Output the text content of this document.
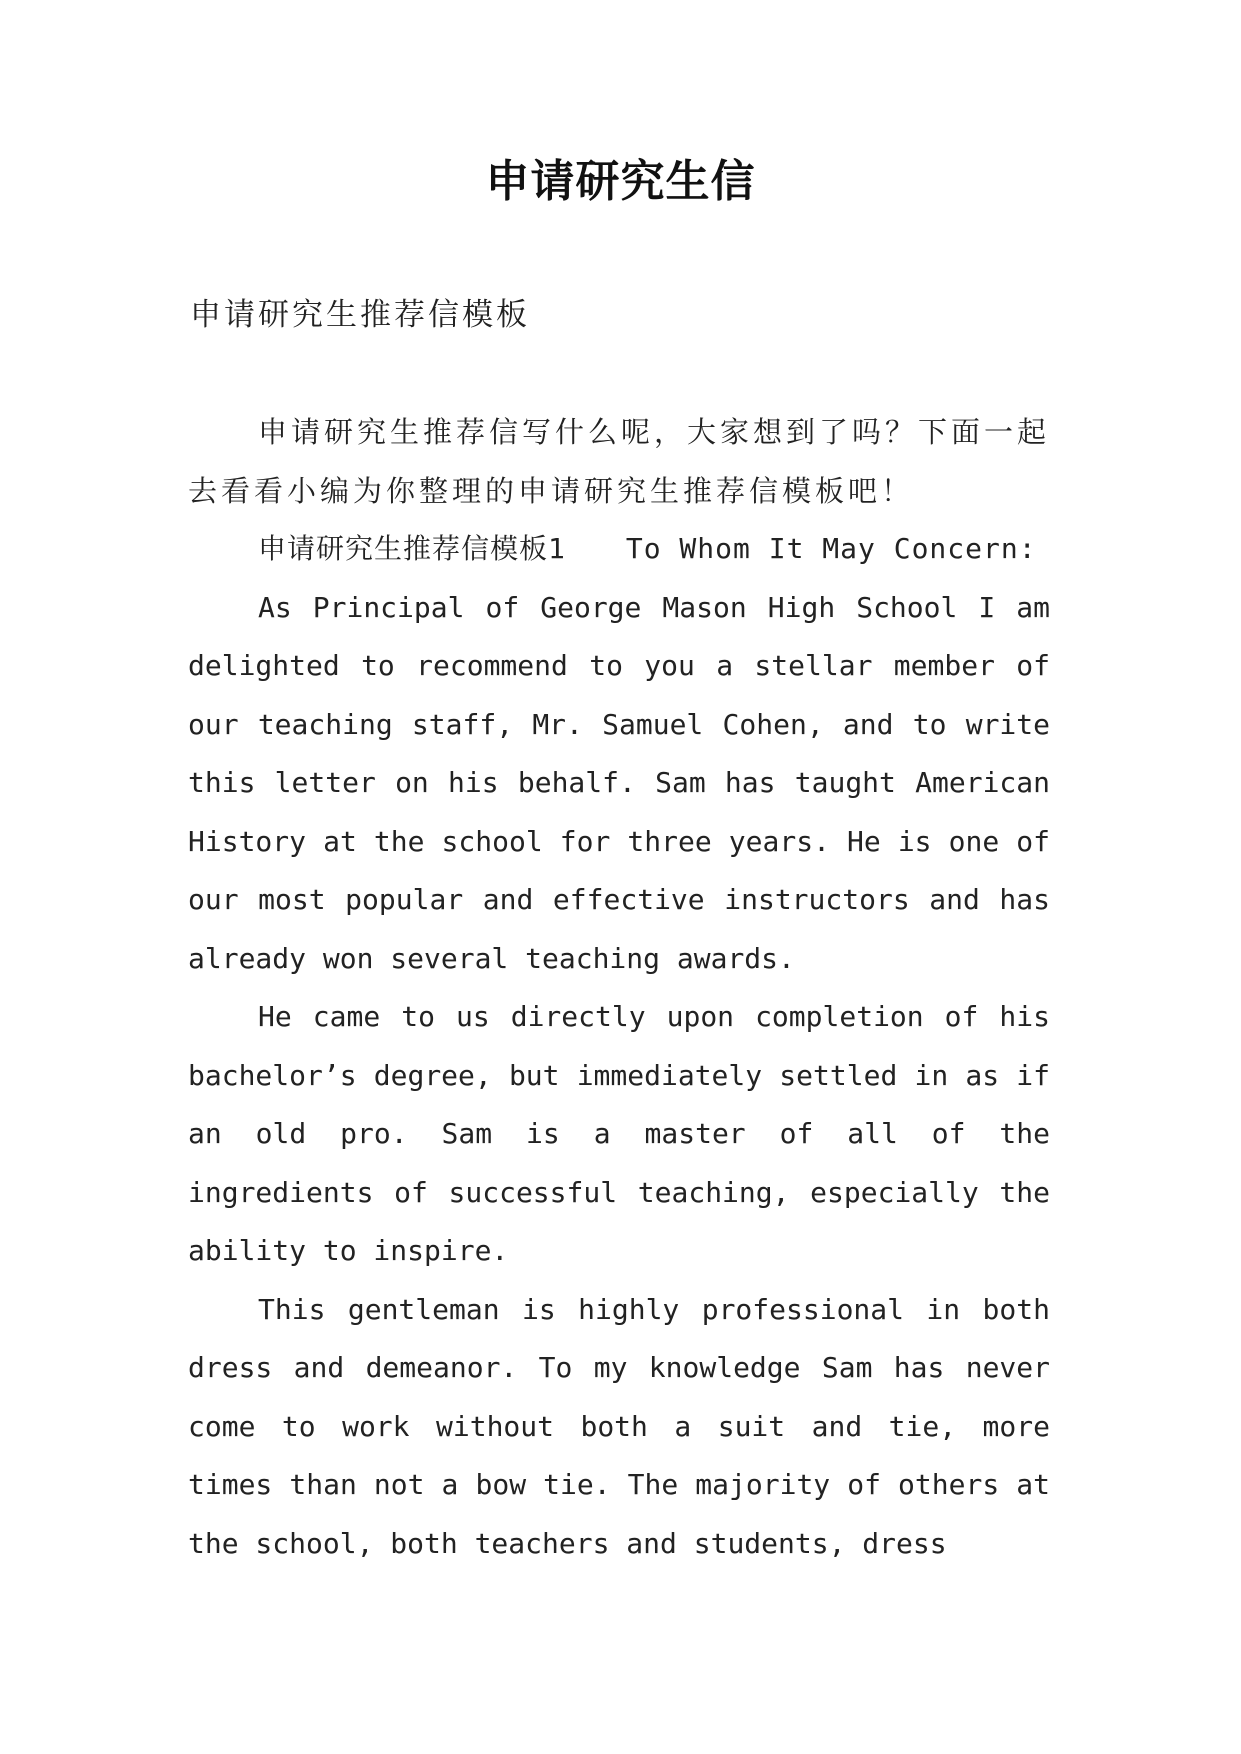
申请研究生信
申请研究生推荐信模板

申请研究生推荐信写什么呢，大家想到了吗？下面一起去看看小编为你整理的申请研究生推荐信模板吧！

申请研究生推荐信模板1 To Whom It May Concern:

As Principal of George Mason High School I am delighted to recommend to you a stellar member of our teaching staff, Mr. Samuel Cohen, and to write this letter on his behalf. Sam has taught American History at the school for three years. He is one of our most popular and effective instructors and has already won several teaching awards.

He came to us directly upon completion of his bachelor’s degree, but immediately settled in as if an old pro. Sam is a master of all of the ingredients of successful teaching, especially the ability to inspire.

This gentleman is highly professional in both dress and demeanor. To my knowledge Sam has never come to work without both a suit and tie, more times than not a bow tie. The majority of others at the school, both teachers and students, dress
